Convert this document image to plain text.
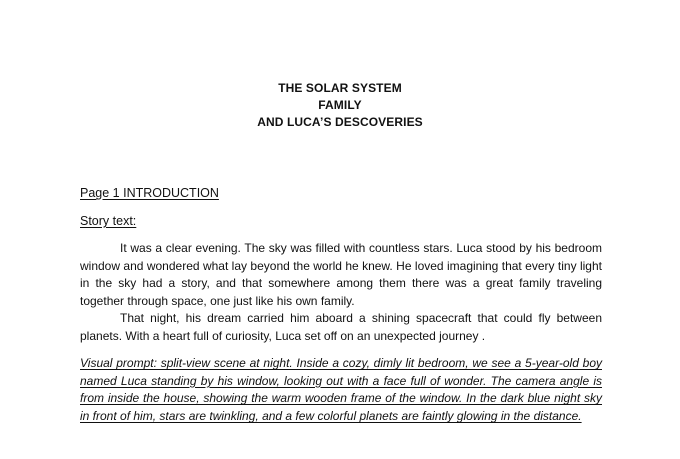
THE SOLAR SYSTEM
FAMILY
AND LUCA’S DESCOVERIES
Page 1 INTRODUCTION
Story text:

It was a clear evening. The sky was filled with countless stars. Luca stood by his bedroom window and wondered what lay beyond the world he knew. He loved imagining that every tiny light in the sky had a story, and that somewhere among them there was a great family traveling together through space, one just like his own family.

That night, his dream carried him aboard a shining spacecraft that could fly between planets. With a heart full of curiosity, Luca set off on an unexpected journey .

Visual prompt: split-view scene at night. Inside a cozy, dimly lit bedroom, we see a 5-year-old boy named Luca standing by his window, looking out with a face full of wonder. The camera angle is from inside the house, showing the warm wooden frame of the window. In the dark blue night sky in front of him, stars are twinkling, and a few colorful planets are faintly glowing in the distance.
